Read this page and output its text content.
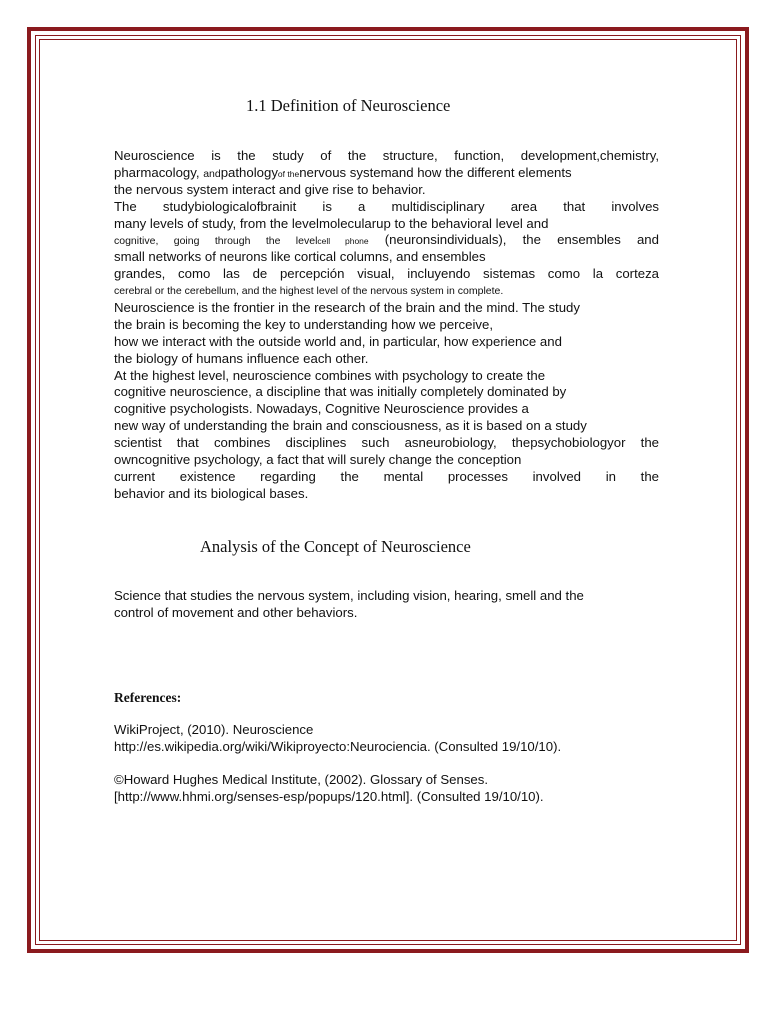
1.1 Definition of Neuroscience
Neuroscience is the study of the structure, function, development,chemistry,
pharmacology, andpathologyof thenervous systemand how the different elements
the nervous system interact and give rise to behavior.
The studybiologicalofbrainit is a multidisciplinary area that involves
many levels of study, from the levelmolecularup to the behavioral level and
cognitive, going through the levelcell phone (neuronsindividuals), the ensembles and
small networks of neurons like cortical columns, and ensembles
grandes, como las de percepción visual, incluyendo sistemas como la corteza
cerebral or the cerebellum, and the highest level of the nervous system in complete.
Neuroscience is the frontier in the research of the brain and the mind. The study
the brain is becoming the key to understanding how we perceive,
how we interact with the outside world and, in particular, how experience and
the biology of humans influence each other.
At the highest level, neuroscience combines with psychology to create the
cognitive neuroscience, a discipline that was initially completely dominated by
cognitive psychologists. Nowadays, Cognitive Neuroscience provides a
new way of understanding the brain and consciousness, as it is based on a study
scientist that combines disciplines such asneurobiology, thepsychobiologyor the
owncognitive psychology, a fact that will surely change the conception
current existence regarding the mental processes involved in the
behavior and its biological bases.
Analysis of the Concept of Neuroscience
Science that studies the nervous system, including vision, hearing, smell and the
control of movement and other behaviors.
References:
WikiProject, (2010). Neuroscience
http://es.wikipedia.org/wiki/Wikiproyecto:Neurociencia. (Consulted 19/10/10).
©Howard Hughes Medical Institute, (2002). Glossary of Senses.
[http://www.hhmi.org/senses-esp/popups/120.html]. (Consulted 19/10/10).
